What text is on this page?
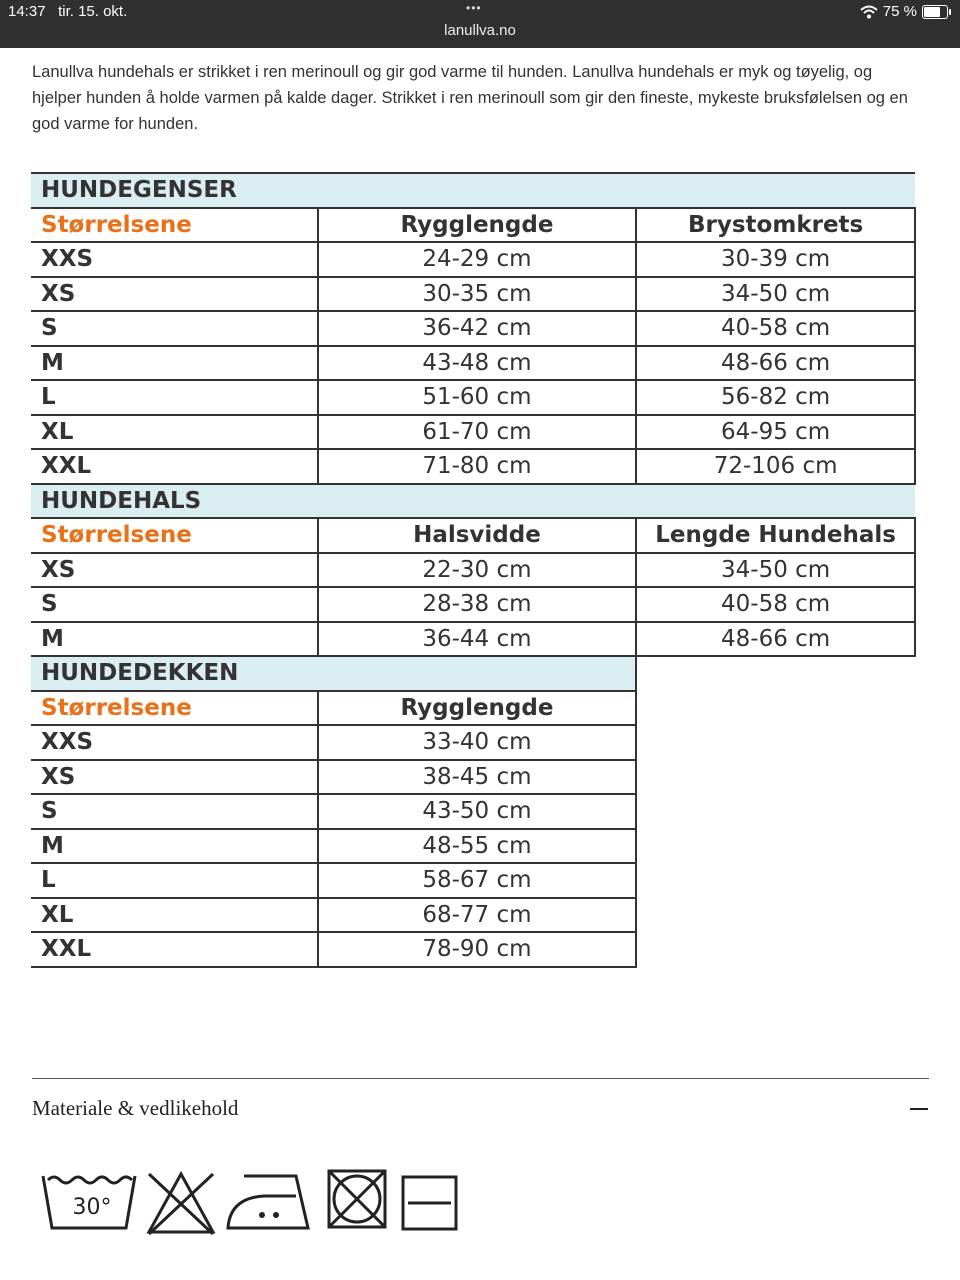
14:37 tir. 15. okt.	•••
lanullva.no
75 %
Lanullva hundehals er strikket i ren merinoull og gir god varme til hunden. Lanullva hundehals er myk og tøyelig, og hjelper hunden å holde varmen på kalde dager. Strikket i ren merinoull som gir den fineste, mykeste bruksfølelsen og en god varme for hunden.
HUNDEGENSER		
Størrelsene	Rygglengde	Brystomkrets
XXS	24-29 cm	30-39 cm
XS	30-35 cm	34-50 cm
S	36-42 cm	40-58 cm
M	43-48 cm	48-66 cm
L	51-60 cm	56-82 cm
XL	61-70 cm	64-95 cm
XXL	71-80 cm	72-106 cm
HUNDEHALS		
Størrelsene	Halsvidde	Lengde Hundehals
XS	22-30 cm	34-50 cm
S	28-38 cm	40-58 cm
M	36-44 cm	48-66 cm
HUNDEDEKKEN		
Størrelsene	Rygglengde	
XXS	33-40 cm	
XS	38-45 cm	
S	43-50 cm	
M	48-55 cm	
L	58-67 cm	
XL	68-77 cm	
XXL	78-90 cm	
Materiale & vedlikehold
30°
